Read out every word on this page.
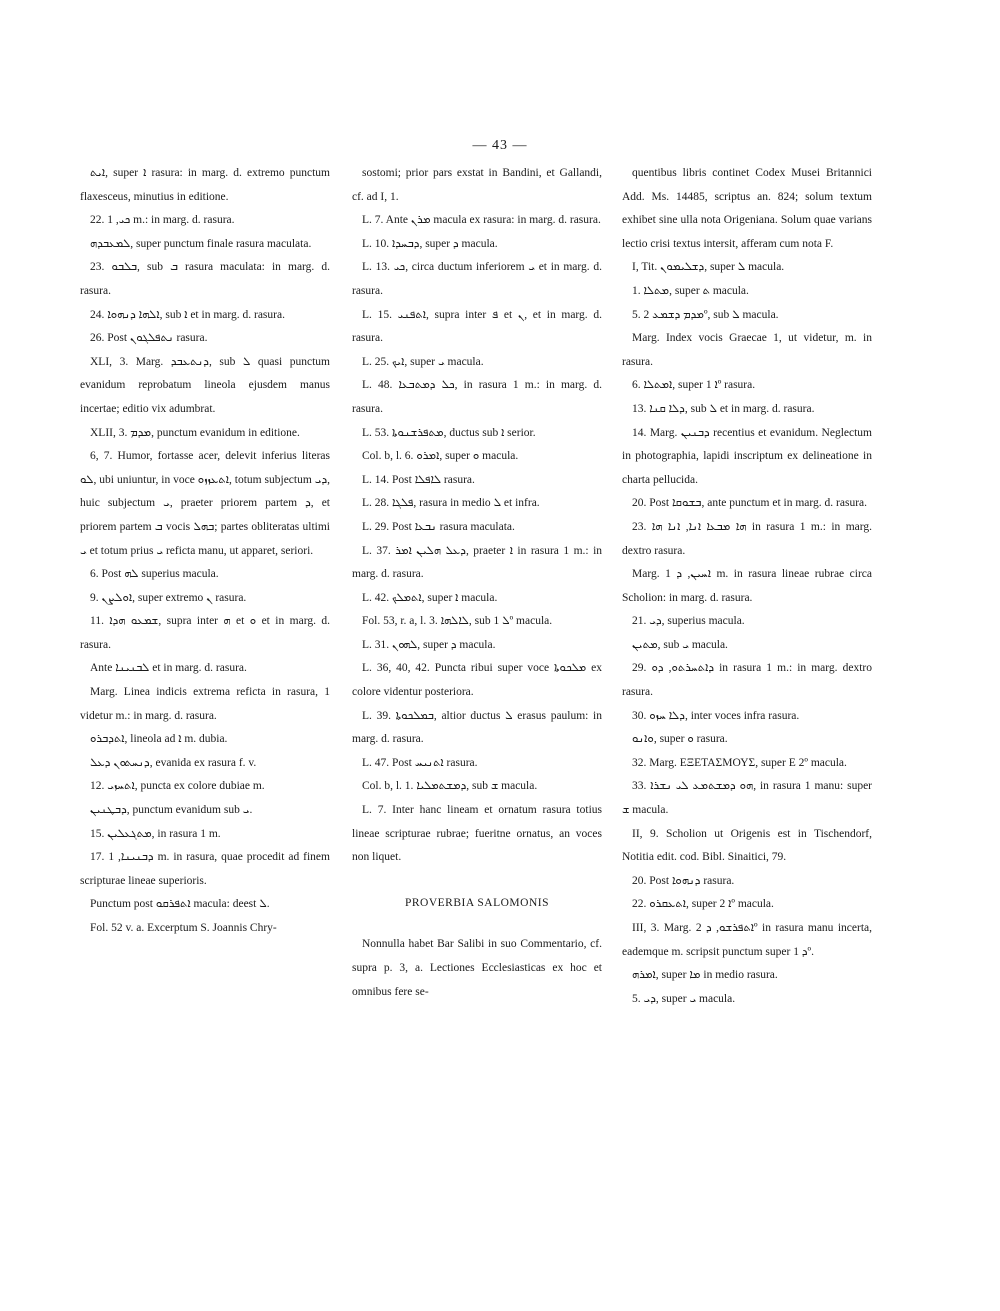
— 43 —

ܐܝܬ, super ܐ rasura: in marg. d. extremo punctum flaxesceus, minutius in editione.

22. ܟܝ, 1 m.: in marg. d. rasura.

ܠܡܥܒܕܗ, super punctum finale rasura maculata.

23. ܒܠܒܘ, sub ܒ rasura maculata: in marg. d. rasura.

24. ܐܠܗܐ ܕܢܗܘܐ, sub ܐ et in marg. d. rasura.

26. Post ܢܬܦܠܓܘܢ rasura.

XLI, 3. Marg. ܕܢܬܥܒܕ, sub ܠ quasi punctum evanidum reprobatum lineola ejusdem manus incertae; editio vix adumbrat.

XLII, 3. ܡܕܡ, punctum evanidum in editione.

6, 7. Humor, fortasse acer, delevit inferius literas ܠܘ, ubi uniuntur, in voce ܐܬܥܙܙܘ, totum subjectum ܕܝ, huic subjectum ܝ, praeter priorem partem ܕ, et priorem partem ܒ vocis ܒܗܠ; partes obliteratas ultimi ܝ et totum prius ܝ reficta manu, ut apparet, seriori.

6. Post ܠܗ superius macula.

9. ܐܘܠܨܢ, super extremo ܢ rasura.

11. ܫܡܥܘ ܗܕܐ, supra inter ܗ et ܘ et in marg. d. rasura.

Ante ܠܒܢܝܢܐ et in marg. d. rasura.

Marg. Linea indicis extrema reficta in rasura, 1 videtur m.: in marg. d. rasura.

ܐܬܕܒܪܘ, lineola ad ܐ m. dubia.

ܕܢܚܬܘܢ ܕܥܠ, evanida ex rasura f. v.

12. ܐܬܚܙܝ, puncta ex colore dubiae m.

ܕܒܛܢܝܢ, punctum evanidum sub ܝ.

15. ܡܬܓܥܠܝܢ, in rasura 1 m.

17. ܕܒܢܝܢܐ, 1 m. in rasura, quae procedit ad finem scripturae lineae superioris.

Punctum post ܐܬܦܪܩܘ macula: deest ܠ.

Fol. 52 v. a. Excerptum S. Joannis Chry-

sostomi; prior pars exstat in Bandini, et Gallandi, cf. ad I, 1.

L. 7. Ante ܡܪܢ macula ex rasura: in marg. d. rasura.

L. 10. ܕܒܚܕܐ, super ܕ macula.

L. 13. ܟܝ, circa ductum inferiorem ܝ et in marg. d. rasura.

L. 15. ܐܬܦܢܝ, supra inter ܦ et ܢ, et in marg. d. rasura.

L. 25. ܐܝܟ, super ܝ macula.

L. 48. ܟܠ ܕܡܬܒܥܐ, in rasura 1 m.: in marg. d. rasura.

L. 53. ܡܬܦܪܫܢܘܬܐ, ductus sub ܐ serior.

Col. b, l. 6. ܐܡܪܘ, super ܘ macula.

L. 14. Post ܠܐܦܠܐ rasura.

L. 28. ܦܠܓܐ, rasura in medio ܠ et infra.

L. 29. Post ܢܒܥܐ rasura maculata.

L. 37. ܕܥܠ ܗܠܝܢ ܐܡܪ, praeter ܐ in rasura 1 m.: in marg. d. rasura.

L. 42. ܐܬܡܠܟ, super ܐ macula.

Fol. 53, r. a, l. 3. ܠܐܠܗܐ, sub ܠ 1º macula.

L. 31. ܠܗܘܢ, super ܕ macula.

L. 36, 40, 42. Puncta ribui super voce ܡܠܟܘܬܐ ex colore videntur posteriora.

L. 39. ܒܡܠܟܘܬܐ, altior ductus ܠ erasus paulum: in marg. d. rasura.

L. 47. Post ܐܬܢܝܚ rasura.

Col. b, l. 1. ܕܡܫܬܡܠܝܐ, sub ܫ macula.

L. 7. Inter hanc lineam et ornatum rasura totius lineae scripturae rubrae; fueritne ornatus, an voces non liquet.

PROVERBIA SALOMONIS

Nonnulla habet Bar Salibi in suo Commentario, cf. supra p. 3, a. Lectiones Ecclesiasticas ex hoc et omnibus fere se-

quentibus libris continet Codex Musei Britannici Add. Ms. 14485, scriptus an. 824; solum textum exhibet sine ulla nota Origeniana. Solum quae varians lectio crisi textus intersit, afferam cum nota F.

I, Tit. ܕܫܠܝܡܘܢ, super ܠ macula.

1. ܡܬܠܐ, super ܬ macula.

5. ܡܕܡ ܕܫܡܥ 2º, sub ܠ macula.

Marg. Index vocis Graecae 1, ut videtur, m. in rasura.

6. ܐܡܬܠܐ, super ܐ 1º rasura.

13. ܕܠܐ ܩܢܐ, sub ܠ et in marg. d. rasura.

14. Marg. ܕܒܢܝܢ recentius et evanidum. Neglectum in photographia, lapidi inscriptum ex delineatione in charta pellucida.

20. Post ܒܫܘܩܐ, ante punctum et in marg. d. rasura.

23. ܗܐ ܡܒܥܐ ܐܢܐ, ܐܢܐ ܗܐ in rasura 1 m.: in marg. dextro rasura.

Marg. ܐܚܝܢ, ܕ 1 m. in rasura lineae rubrae circa Scholion: in marg. d. rasura.

21. ܕܝ, superius macula.

ܡܬܝܢ, sub ܝ macula.

29. ܕܐܬܚܪܬܘ, ܕܘ in rasura 1 m.: in marg. dextro rasura.

30. ܕܠܐ ܚܙܘ, inter voces infra rasura.

ܘܐܢܘ, super ܘ rasura.

32. Marg. ΕΞΕΤΑΣΜΟΥΣ, super Ε 2º macula.

33. ܗܘ ܕܡܫܬܡܥ ܠܝ ܢܫܪܐ, in rasura 1 manu: super ܫ macula.

II, 9. Scholion ut Origenis est in Tischendorf, Notitia edit. cod. Bibl. Sinaitici, 79.

20. Post ܕܢܗܘܐ rasura.

22. ܐܬܥܩܪܘ, super ܐ 2º macula.

III, 3. Marg. ܐܬܦܪܫܘ, ܕ 2º in rasura manu incerta, eademque m. scripsit punctum super ܕ 1º.

ܐܡܪܗ, super ܡܐ in medio rasura.

5. ܕܝ, super ܝ macula.
